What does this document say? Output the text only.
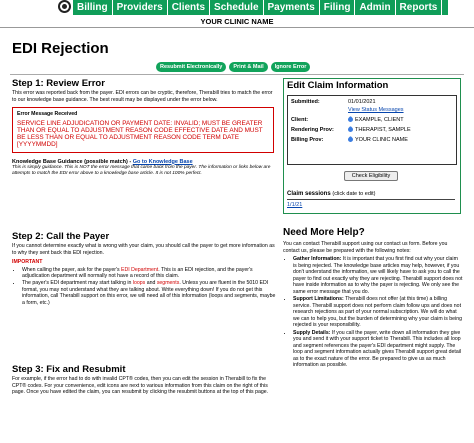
Billing Providers Clients Schedule Payments Filing Admin Reports
YOUR CLINIC NAME
EDI Rejection
Resubmit Electronically	Print & Mail	Ignore Error
Step 1: Review Error

This error was reported back from the payer. EDI errors can be cryptic, therefore, Therabill tries to match the error to our knowledge base guidance. The best result may be displayed under the error below.

Error Message Received
SERVICE LINE ADJUDICATION OR PAYMENT DATE: INVALID; MUST BE GREATER THAN OR EQUAL TO ADJUSTMENT REASON CODE EFFECTIVE DATE AND MUST BE LESS THAN OR EQUAL TO ADJUSTMENT REASON CODE TERM DATE [YYYYMMDD]
Knowledge Base Guidance (possible match) - Go to Knowledge Base
This is simply guidance. This is NOT the error message that came back from the payer. The information or links below are attempts to match the EDI error above to a knowledge base article. It is not 100% perfect.
Step 2: Call the Payer

If you cannot determine exactly what is wrong with your claim, you should call the payer to get more information as to why they sent back this EDI rejection.

IMPORTANT
• When calling the payer, ask for the payer's EDI Department. This is an EDI rejection, and the payer's adjudication department will normally not have a record of this claim.
• The payer's EDI department may start talking in loops and segments. Unless you are fluent in the 5010 EDI format, you may not understand what they are talking about. Write everything down! If you do not get this information, call Therabill support on this error, we will need all of this information (loops and segments, maybe a form, etc.)
Step 3: Fix and Resubmit

For example, if the error had to do with invalid CPT® codes, then you can edit the session in Therabill to fix the CPT® codes. For your convenience, edit icons are next to various information from this claim on the right of this page. Once you have edited the claim, you can resubmit by clicking the resubmit buttons at the top of this page.

Edit Claim Information
Submitted:	01/01/2021
View Status Messages
Client:	EXAMPLE, CLIENT
Rendering Prov:	THERAPIST, SAMPLE
Billing Prov:	YOUR CLINIC NAME
Check Eligibility
Claim sessions (click date to edit)
1/1/21
Need More Help?

You can contact Therabill support using our contact us form. Before you contact us, please be prepared with the following notes:

• Gather Information: It is important that you first find out why your claim is being rejected. The knowledge base articles may help, however, if you don't understand the information, we will likely have to ask you to call the payer to find out exactly why they are rejecting. Therabill support does not have inside information as to why the payer is rejecting. We only see the same error message that you do.
• Support Limitations: Therabill does not offer (at this time) a billing service. Therabill support does not perform claim follow ups and does not research rejections as part of your normal subscription. We will do what we can to help you, but the burden of determining why your claim is being rejected is your responsibility.
• Supply Details: If you call the payer, write down all information they give you and send it with your support ticket to Therabill. This includes all loop and segment references the payer's EDI department might supply. The loop and segment information actually gives Therabill support great detail as to the exact nature of the error. Be prepared to give us as much information as possible.
